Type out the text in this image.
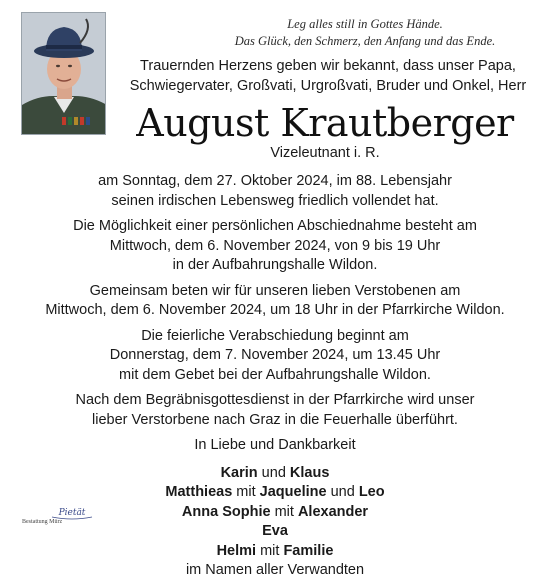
Leg alles still in Gottes Hände.
Das Glück, den Schmerz, den Anfang und das Ende.
Trauernden Herzens geben wir bekannt, dass unser Papa,
Schwiegervater, Großvati, Urgroßvati, Bruder und Onkel, Herr
August Krautberger
Vizeleutnant i. R.
am Sonntag, dem 27. Oktober 2024, im 88. Lebensjahr
seinen irdischen Lebensweg friedlich vollendet hat.
Die Möglichkeit einer persönlichen Abschiednahme besteht am
Mittwoch, dem 6. November 2024, von 9 bis 19 Uhr
in der Aufbahrungshalle Wildon.
Gemeinsam beten wir für unseren lieben Verstobenen am
Mittwoch, dem 6. November 2024, um 18 Uhr in der Pfarrkirche Wildon.
Die feierliche Verabschiedung beginnt am
Donnerstag, dem 7. November 2024, um 13.45 Uhr
mit dem Gebet bei der Aufbahrungshalle Wildon.
Nach dem Begräbnisgottesdienst in der Pfarrkirche wird unser
lieber Verstorbene nach Graz in die Feuerhalle überführt.
In Liebe und Dankbarkeit
Karin und Klaus
Matthieas mit Jaqueline und Leo
Anna Sophie mit Alexander
Eva
Helmi mit Familie
im Namen aller Verwandten
Pietät
Bestattung Mürz
